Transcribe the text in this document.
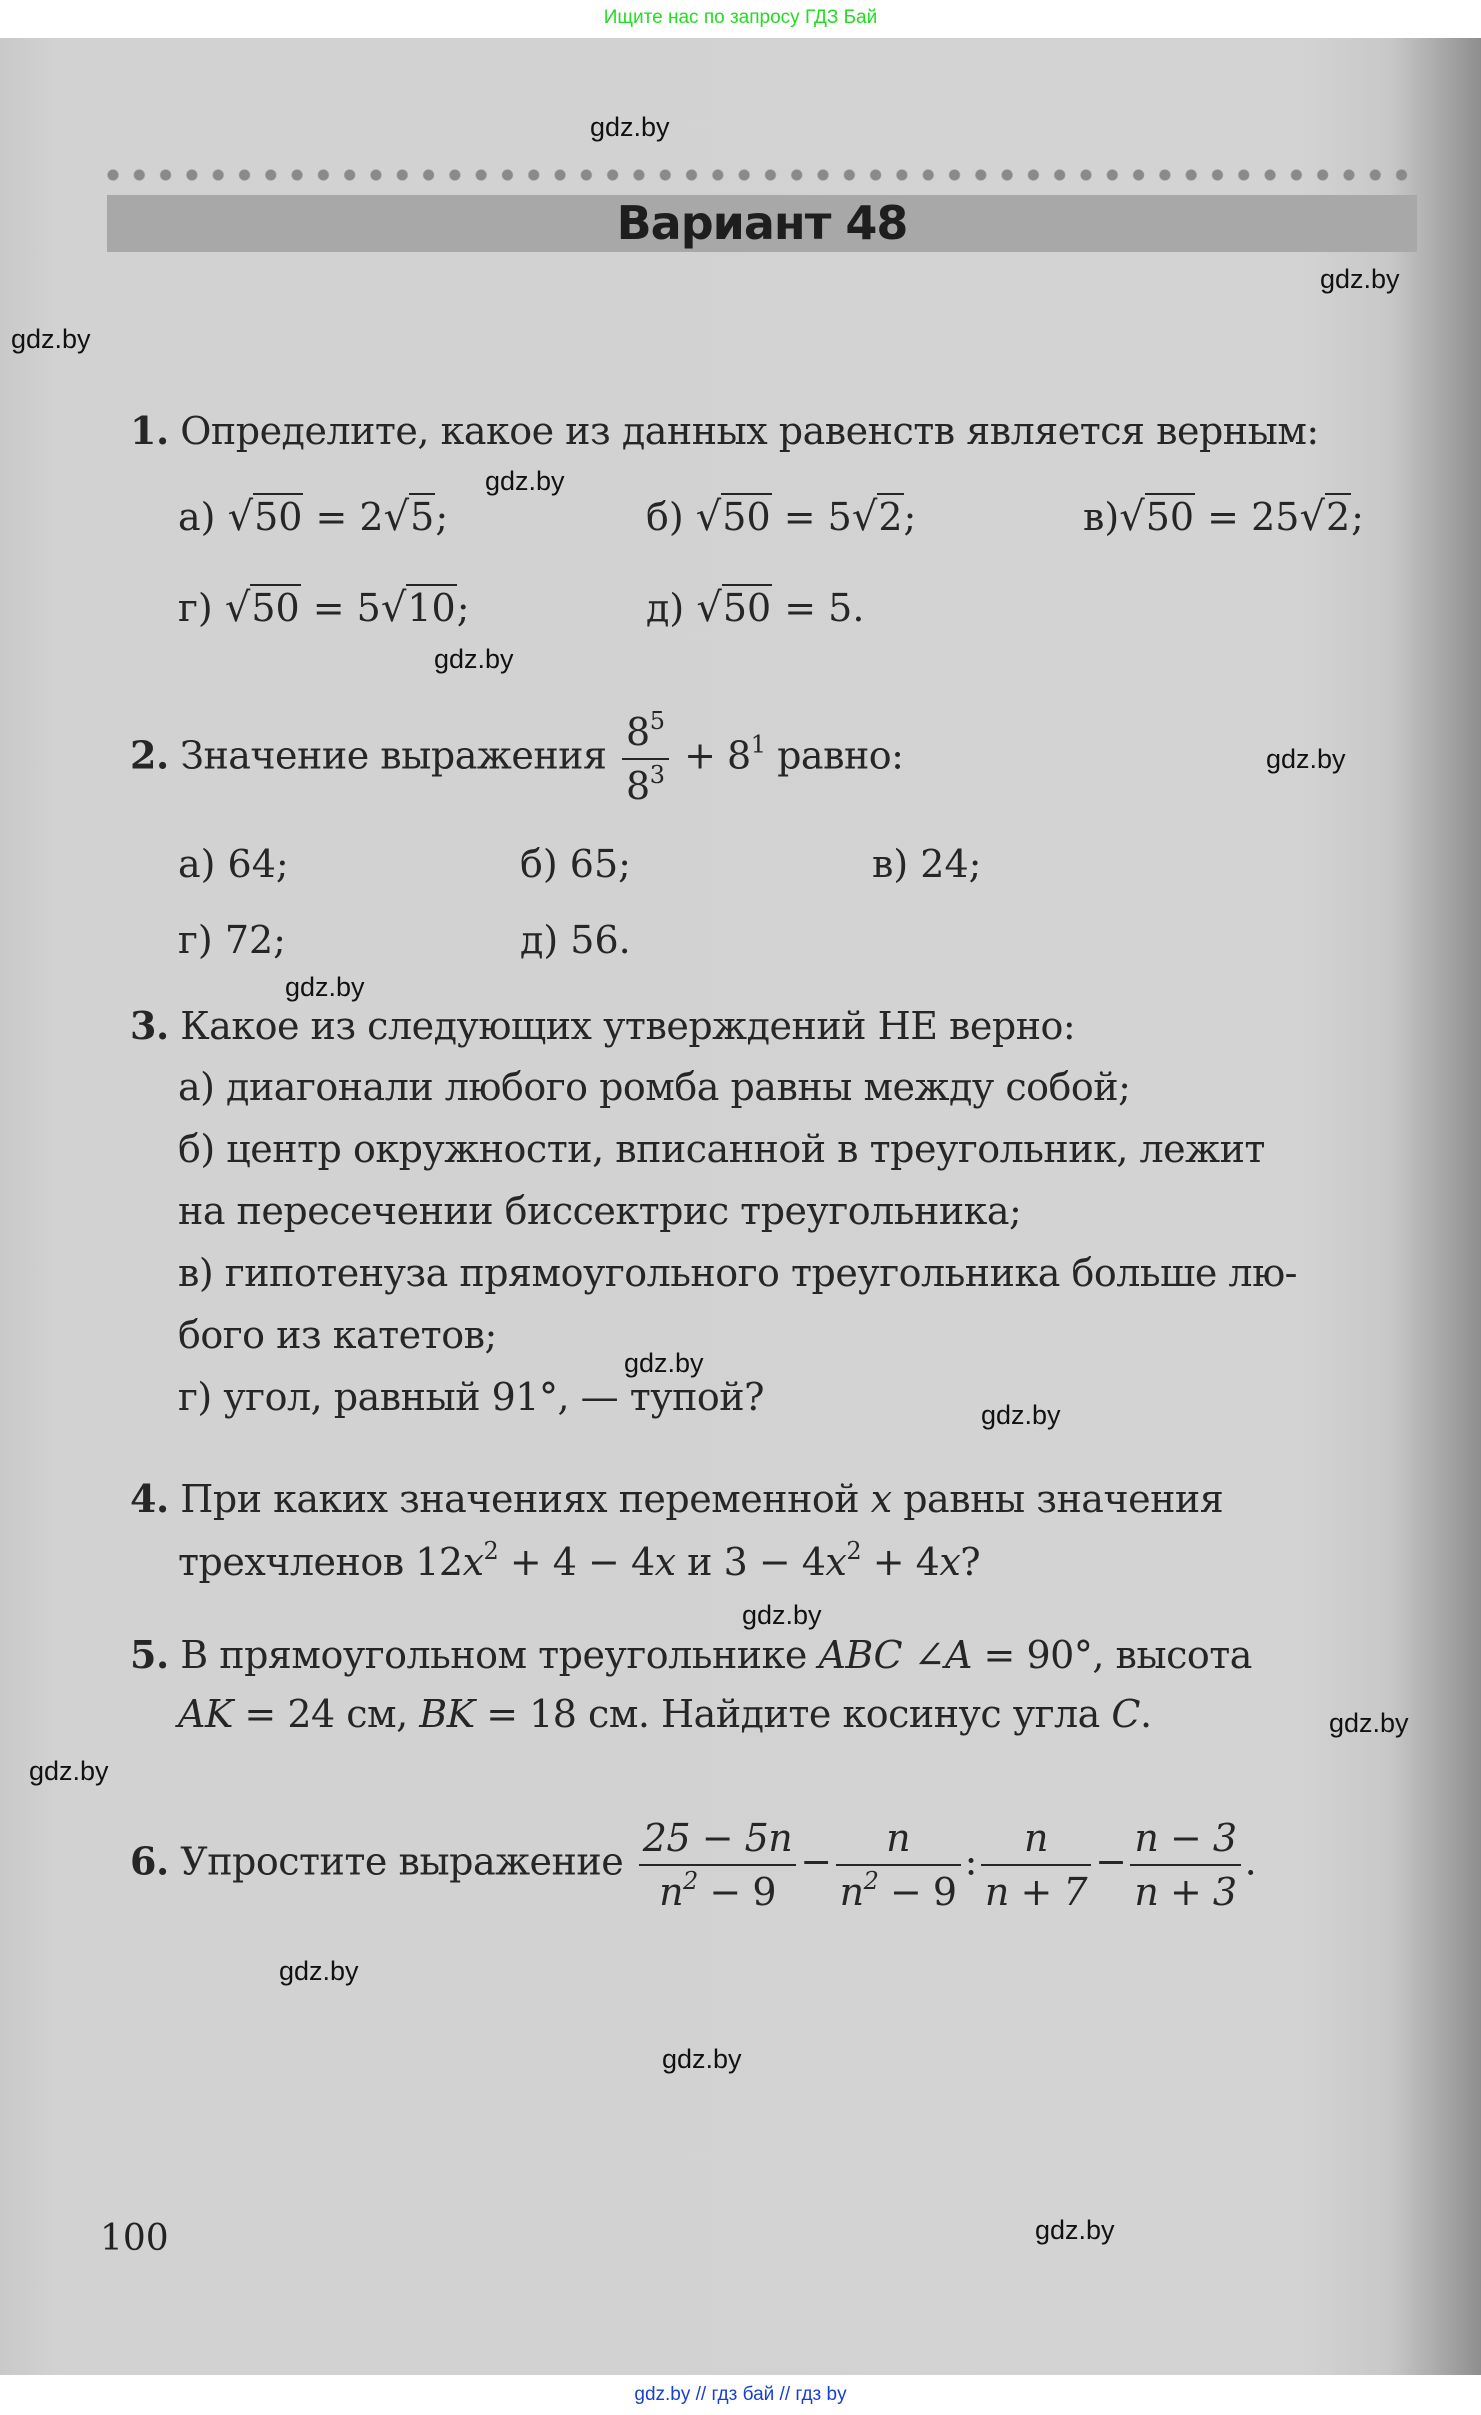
Ищите нас по запросу ГДЗ Бай
Вариант 48
1. Определите, какое из данных равенств является верным:
а) √50 = 2√5;	б) √50 = 5√2;	в)√50 = 25√2;
г) √50 = 5√10;	д) √50 = 5.
2. Значение выражения $\frac{8^5}{8^3} + 8^1$ равно:
а) 64;	б) 65;	в) 24;
г) 72;	д) 56.
3. Какое из следующих утверждений НЕ верно:
а) диагонали любого ромба равны между собой;
б) центр окружности, вписанной в треугольник, лежит
на пересечении биссектрис треугольника;
в) гипотенуза прямоугольного треугольника больше лю-
бого из катетов;
г) угол, равный 91°, — тупой?
4. При каких значениях переменной x равны значения
трехчленов $12x^2 + 4 - 4x$ и $3 - 4x^2 + 4x$?
5. В прямоугольном треугольнике ABC ∠A = 90°, высота
AK = 24 см, BK = 18 см. Найдите косинус угла C.
6. Упростите выражение $\frac{25 - 5n}{n^2 - 9} - \frac{n}{n^2 - 9}$ : $\frac{n}{n + 7} - \frac{n - 3}{n + 3}$ .
100
gdz.by
gdz.by
gdz.by
gdz.by
gdz.by
gdz.by
gdz.by
gdz.by
gdz.by
gdz.by
gdz.by
gdz.by
gdz.by
gdz.by
gdz.by
gdz.by // гдз бай // гдз by
